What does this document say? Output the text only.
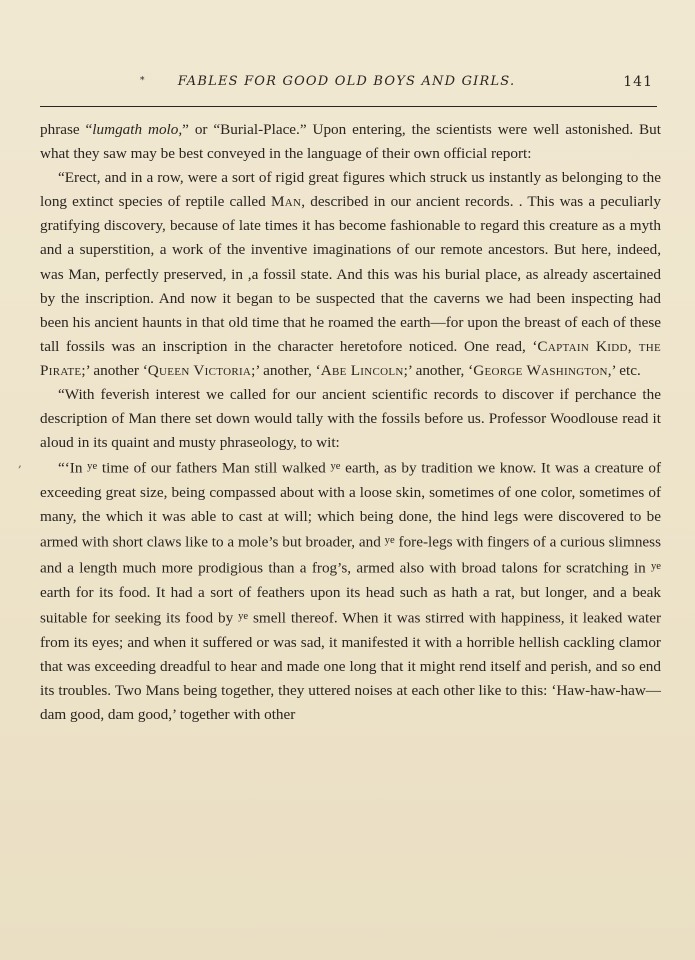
*	FABLES FOR GOOD OLD BOYS AND GIRLS.	141
,

phrase “lumgath molo,” or “Burial-Place.” Upon entering, the scientists were well astonished. But what they saw may be best conveyed in the language of their own official report:

“Erect, and in a row, were a sort of rigid great figures which struck us instantly as belonging to the long extinct species of reptile called Man, described in our ancient records. . This was a peculiarly gratifying discovery, because of late times it has become fashionable to regard this creature as a myth and a superstition, a work of the inventive imaginations of our remote ancestors. But here, indeed, was Man, perfectly preserved, in ,a fossil state. And this was his burial place, as already ascertained by the inscription. And now it began to be suspected that the caverns we had been inspecting had been his ancient haunts in that old time that he roamed the earth—for upon the breast of each of these tall fossils was an inscription in the character heretofore noticed. One read, ‘Captain Kidd, the Pirate;’ another ‘Queen Victoria;’ another, ‘Abe Lincoln;’ another, ‘George Washington,’ etc.

“With feverish interest we called for our ancient scientific records to discover if perchance the description of Man there set down would tally with the fossils before us. Professor Woodlouse read it aloud in its quaint and musty phraseology, to wit:

“‘In $^{ye}$ time of our fathers Man still walked $^{ye}$ earth, as by tradition we know. It was a creature of exceeding great size, being compassed about with a loose skin, sometimes of one color, sometimes of many, the which it was able to cast at will; which being done, the hind legs were discovered to be armed with short claws like to a mole’s but broader, and $^{ye}$ fore-legs with fingers of a curious slimness and a length much more prodigious than a frog’s, armed also with broad talons for scratching in $^{ye}$ earth for its food. It had a sort of feathers upon its head such as hath a rat, but longer, and a beak suitable for seeking its food by $^{ye}$ smell thereof. When it was stirred with happiness, it leaked water from its eyes; and when it suffered or was sad, it manifested it with a horrible hellish cackling clamor that was exceeding dreadful to hear and made one long that it might rend itself and perish, and so end its troubles. Two Mans being together, they uttered noises at each other like to this: ‘Haw-haw-haw—dam good, dam good,’ together with other
